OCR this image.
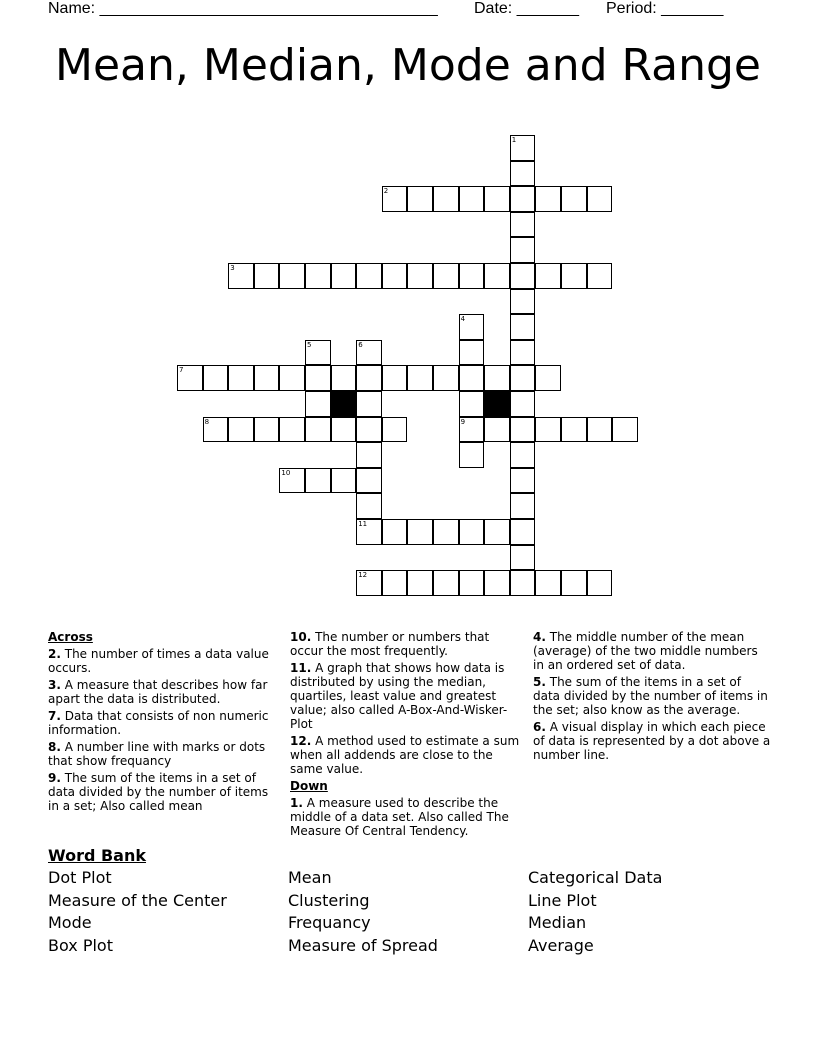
Name: ______________________________________ Date: _______ Period: _______
Mean, Median, Mode and Range
1
2
3
4
9
5	6
7
8
10
11
12
Across
2. The number of times a data value occurs.
3. A measure that describes how far apart the data is distributed.
7. Data that consists of non numeric information.
8. A number line with marks or dots that show frequancy
9. The sum of the items in a set of data divided by the number of items in a set; Also called mean
10. The number or numbers that occur the most frequently.
11. A graph that shows how data is distributed by using the median, quartiles, least value and greatest value; also called A-Box-And-Wisker-Plot
12. A method used to estimate a sum when all addends are close to the same value.
Down
1. A measure used to describe the middle of a data set. Also called The Measure Of Central Tendency.
4. The middle number of the mean (average) of the two middle numbers in an ordered set of data.
5. The sum of the items in a set of data divided by the number of items in the set; also know as the average.
6. A visual display in which each piece of data is represented by a dot above a number line.
Word Bank
Dot Plot
Measure of the Center
Mode
Box Plot
Mean
Clustering
Frequancy
Measure of Spread
Categorical Data
Line Plot
Median
Average
